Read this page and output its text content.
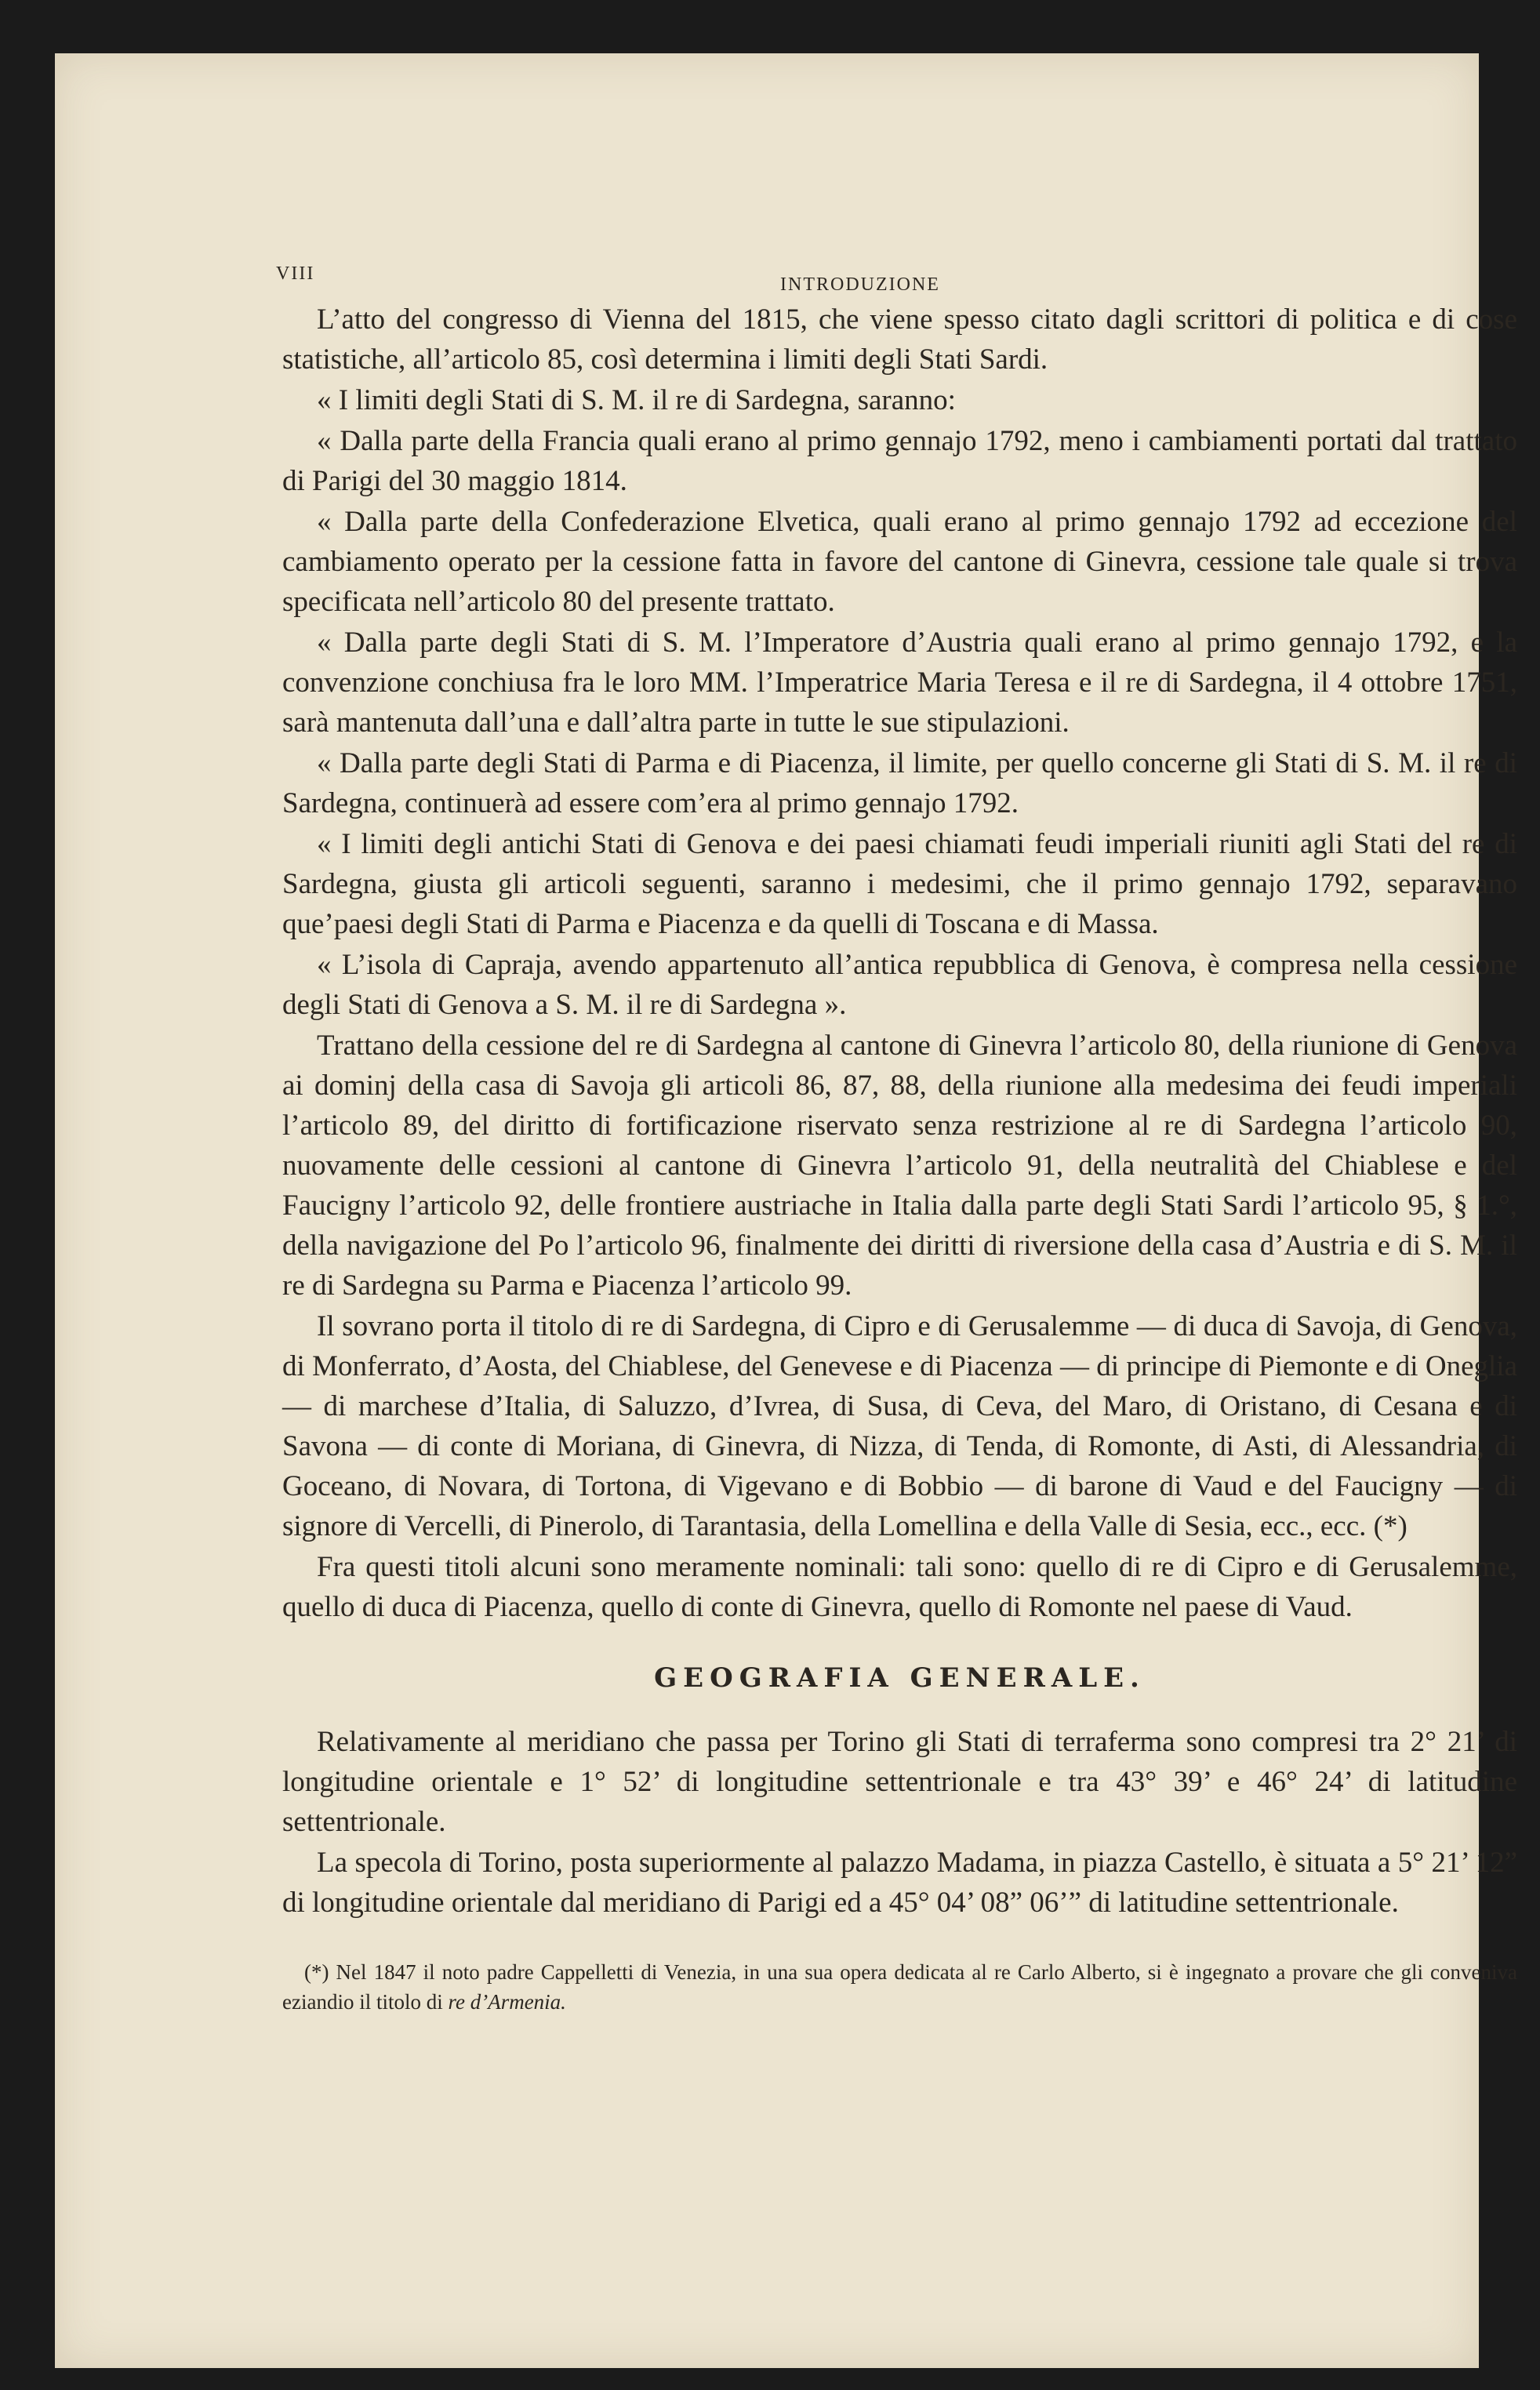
VIII
INTRODUZIONE

L’atto del congresso di Vienna del 1815, che viene spesso citato dagli scrittori di politica e di cose statistiche, all’articolo 85, così determina i limiti degli Stati Sardi.

« I limiti degli Stati di S. M. il re di Sardegna, saranno:

« Dalla parte della Francia quali erano al primo gennajo 1792, meno i cambiamenti portati dal trattato di Parigi del 30 maggio 1814.

« Dalla parte della Confederazione Elvetica, quali erano al primo gennajo 1792 ad eccezione del cambiamento operato per la cessione fatta in favore del cantone di Ginevra, cessione tale quale si trova specificata nell’articolo 80 del presente trattato.

« Dalla parte degli Stati di S. M. l’Imperatore d’Austria quali erano al primo gennajo 1792, e la convenzione conchiusa fra le loro MM. l’Imperatrice Maria Teresa e il re di Sardegna, il 4 ottobre 1751, sarà mantenuta dall’una e dall’altra parte in tutte le sue stipulazioni.

« Dalla parte degli Stati di Parma e di Piacenza, il limite, per quello concerne gli Stati di S. M. il re di Sardegna, continuerà ad essere com’era al primo gennajo 1792.

« I limiti degli antichi Stati di Genova e dei paesi chiamati feudi imperiali riuniti agli Stati del re di Sardegna, giusta gli articoli seguenti, saranno i medesimi, che il primo gennajo 1792, separavano que’paesi degli Stati di Parma e Piacenza e da quelli di Toscana e di Massa.

« L’isola di Capraja, avendo appartenuto all’antica repubblica di Genova, è compresa nella cessione degli Stati di Genova a S. M. il re di Sardegna ».

Trattano della cessione del re di Sardegna al cantone di Ginevra l’articolo 80, della riunione di Genova ai dominj della casa di Savoja gli articoli 86, 87, 88, della riunione alla medesima dei feudi imperiali l’articolo 89, del diritto di fortificazione riservato senza restrizione al re di Sardegna l’articolo 90, nuovamente delle cessioni al cantone di Ginevra l’articolo 91, della neutralità del Chiablese e del Faucigny l’articolo 92, delle frontiere austriache in Italia dalla parte degli Stati Sardi l’articolo 95, § 1.°, della navigazione del Po l’articolo 96, finalmente dei diritti di riversione della casa d’Austria e di S. M. il re di Sardegna su Parma e Piacenza l’articolo 99.

Il sovrano porta il titolo di re di Sardegna, di Cipro e di Gerusalemme — di duca di Savoja, di Genova, di Monferrato, d’Aosta, del Chiablese, del Genevese e di Piacenza — di principe di Piemonte e di Oneglia — di marchese d’Italia, di Saluzzo, d’Ivrea, di Susa, di Ceva, del Maro, di Oristano, di Cesana e di Savona — di conte di Moriana, di Ginevra, di Nizza, di Tenda, di Romonte, di Asti, di Alessandria, di Goceano, di Novara, di Tortona, di Vigevano e di Bobbio — di barone di Vaud e del Faucigny — di signore di Vercelli, di Pinerolo, di Tarantasia, della Lomellina e della Valle di Sesia, ecc., ecc. (*)

Fra questi titoli alcuni sono meramente nominali: tali sono: quello di re di Cipro e di Gerusalemme, quello di duca di Piacenza, quello di conte di Ginevra, quello di Romonte nel paese di Vaud.

GEOGRAFIA GENERALE.

Relativamente al meridiano che passa per Torino gli Stati di terraferma sono compresi tra 2° 21’ di longitudine orientale e 1° 52’ di longitudine settentrionale e tra 43° 39’ e 46° 24’ di latitudine settentrionale.

La specola di Torino, posta superiormente al palazzo Madama, in piazza Castello, è situata a 5° 21’ 12” di longitudine orientale dal meridiano di Parigi ed a 45° 04’ 08” 06’” di latitudine settentrionale.

(*) Nel 1847 il noto padre Cappelletti di Venezia, in una sua opera dedicata al re Carlo Alberto, si è ingegnato a provare che gli conveniva eziandio il titolo di re d’Armenia.
